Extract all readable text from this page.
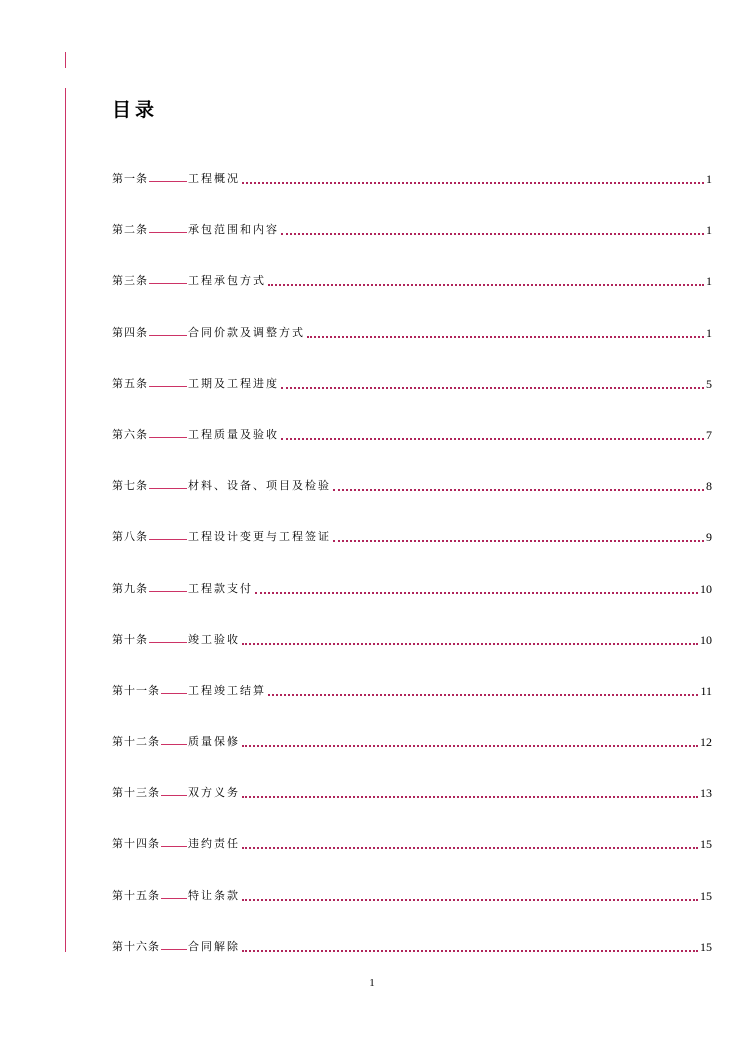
目录
第一条	工程概况	1
第二条	承包范围和内容	1
第三条	工程承包方式	1
第四条	合同价款及调整方式	1
第五条	工期及工程进度	5
第六条	工程质量及验收	7
第七条	材料、设备、项目及检验	8
第八条	工程设计变更与工程签证	9
第九条	工程款支付	10
第十条	竣工验收	10
第十一条	工程竣工结算	11
第十二条	质量保修	12
第十三条	双方义务	13
第十四条	违约责任	15
第十五条	特让条款	15
第十六条	合同解除	15
1
